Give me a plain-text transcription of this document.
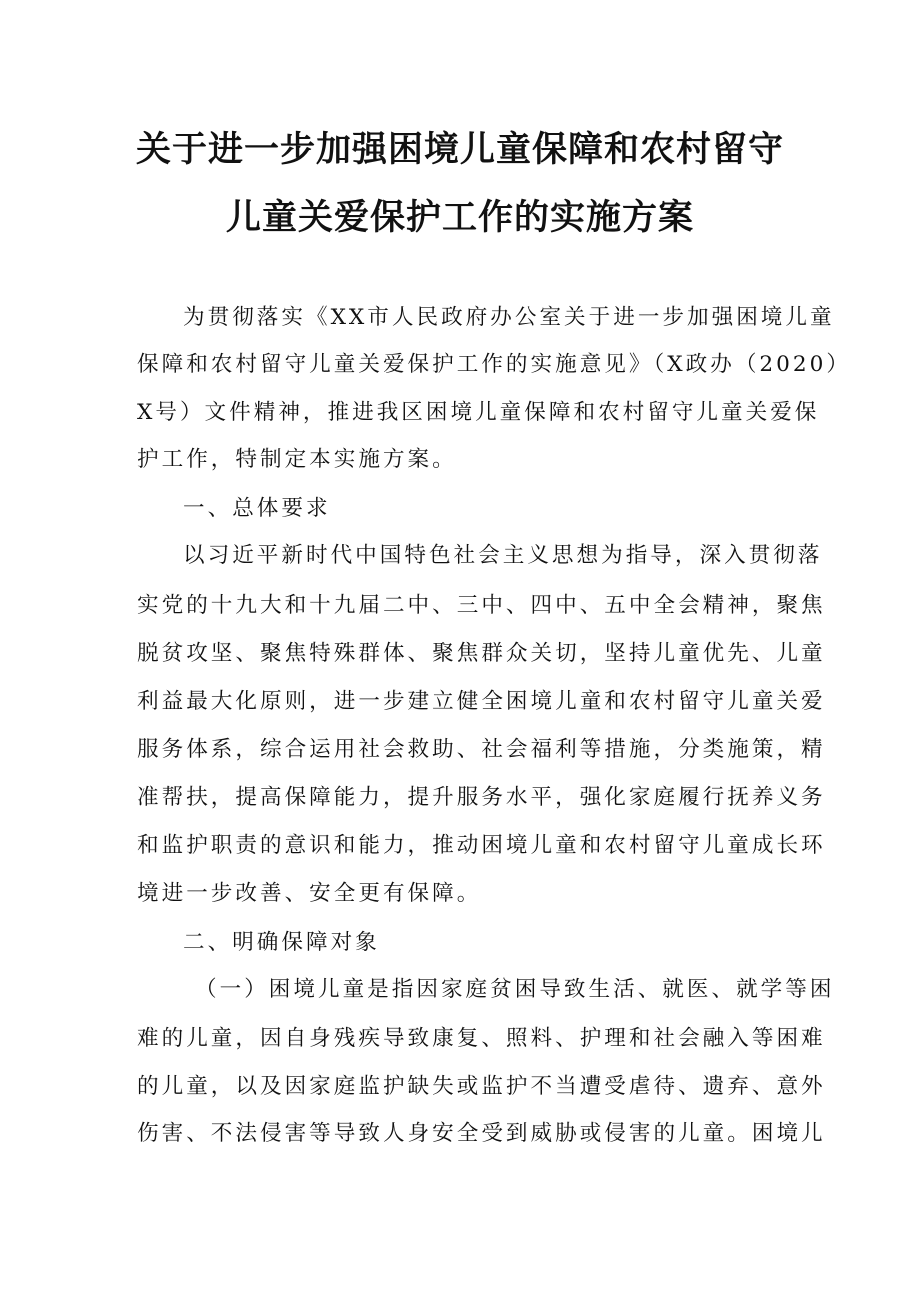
关于进一步加强困境儿童保障和农村留守
儿童关爱保护工作的实施方案
为贯彻落实《XX市人民政府办公室关于进一步加强困境儿童
保障和农村留守儿童关爱保护工作的实施意见》（X政办（2020）
X号）文件精神，推进我区困境儿童保障和农村留守儿童关爱保
护工作，特制定本实施方案。
一、总体要求
以习近平新时代中国特色社会主义思想为指导，深入贯彻落
实党的十九大和十九届二中、三中、四中、五中全会精神，聚焦
脱贫攻坚、聚焦特殊群体、聚焦群众关切，坚持儿童优先、儿童
利益最大化原则，进一步建立健全困境儿童和农村留守儿童关爱
服务体系，综合运用社会救助、社会福利等措施，分类施策，精
准帮扶，提高保障能力，提升服务水平，强化家庭履行抚养义务
和监护职责的意识和能力，推动困境儿童和农村留守儿童成长环
境进一步改善、安全更有保障。
二、明确保障对象
（一）困境儿童是指因家庭贫困导致生活、就医、就学等困
难的儿童，因自身残疾导致康复、照料、护理和社会融入等困难
的儿童，以及因家庭监护缺失或监护不当遭受虐待、遗弃、意外
伤害、不法侵害等导致人身安全受到威胁或侵害的儿童。困境儿
